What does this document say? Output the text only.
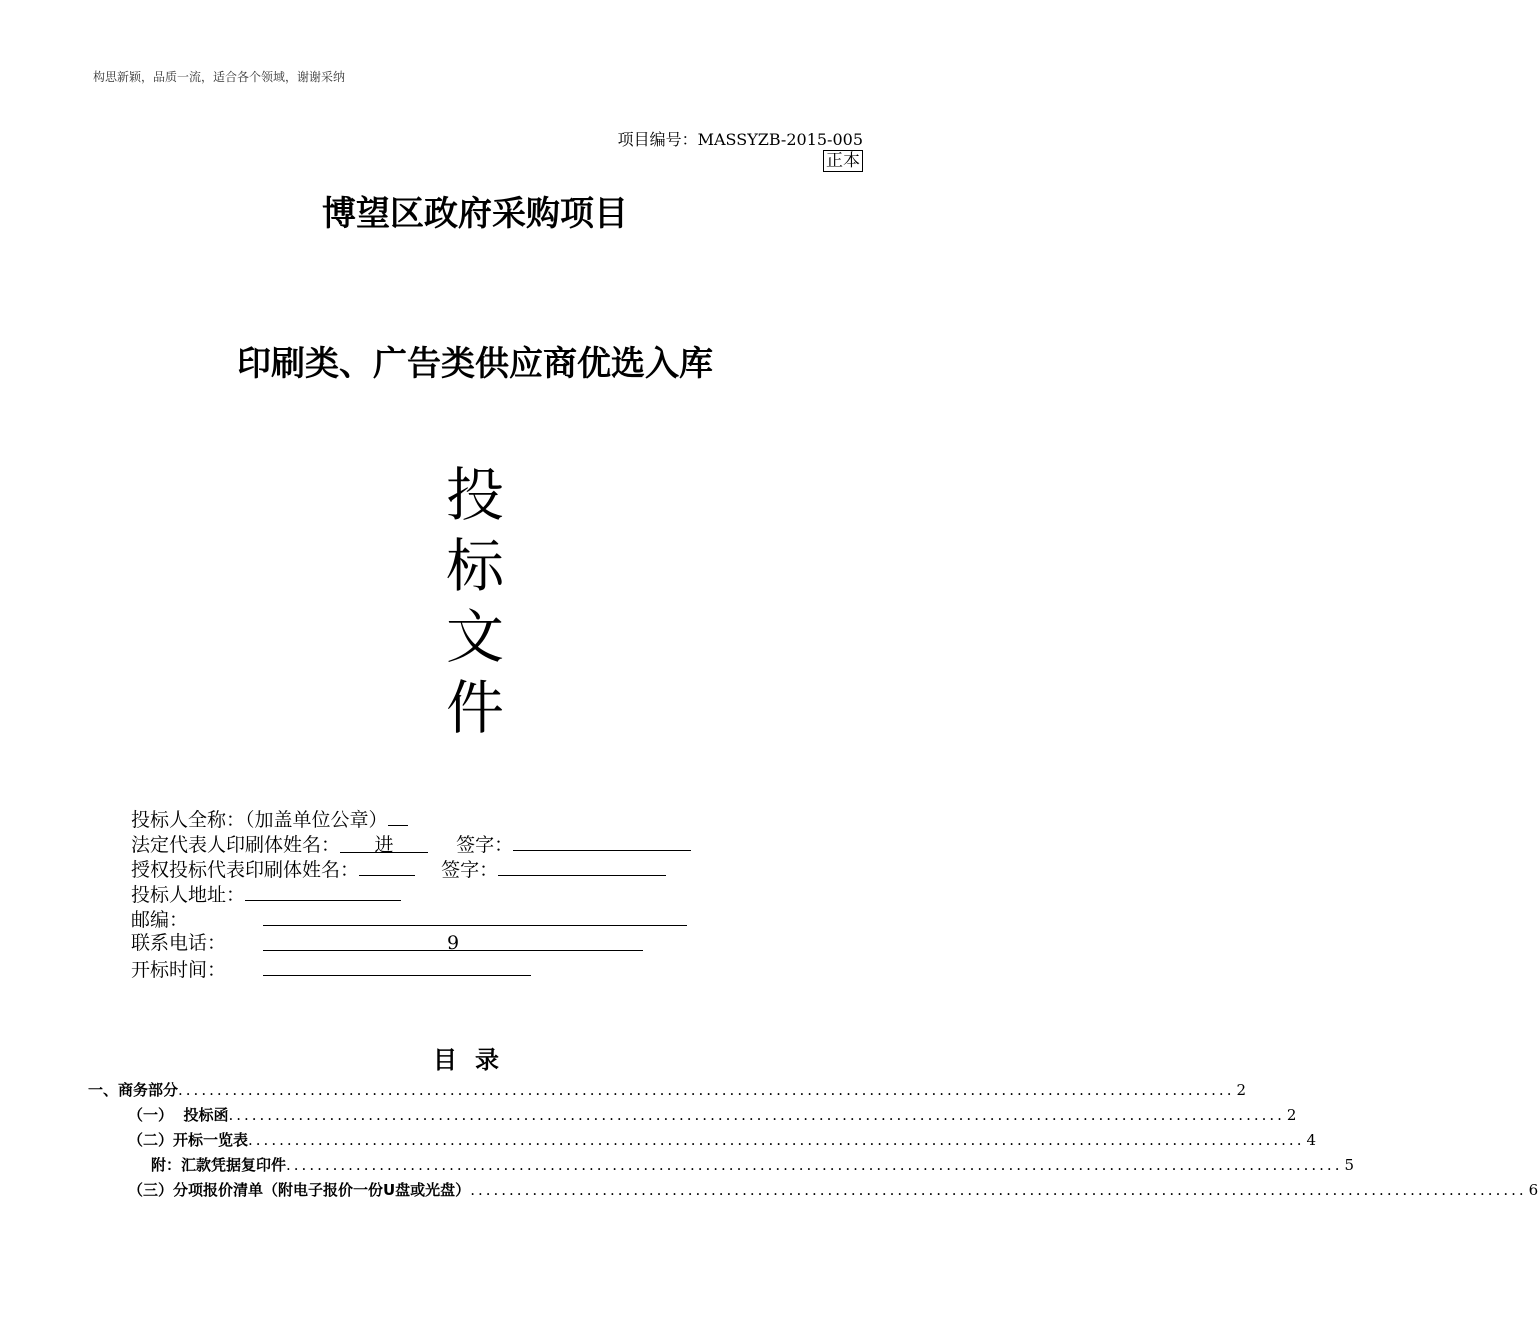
构思新颖，品质一流，适合各个领域，谢谢采纳
项目编号：MASSYZB-2015-005
正本
博望区政府采购项目
印刷类、广告类供应商优选入库
投
标
文
件
投标人全称：（加盖单位公章）
法定代表人印刷体姓名： 进	签字：
授权投标代表印刷体姓名：	签字：
投标人地址：
邮编：
联系电话：	9
开标时间：
目录
一、商务部分 ........................................................................................................................................ 2
（一）  投标函 ........................................................................................................................................ 2
（二）开标一览表 ........................................................................................................................................ 4
附：汇款凭据复印件 ........................................................................................................................................ 5
（三）分项报价清单（附电子报价一份U盘或光盘） ........................................................................................................................................ 6
